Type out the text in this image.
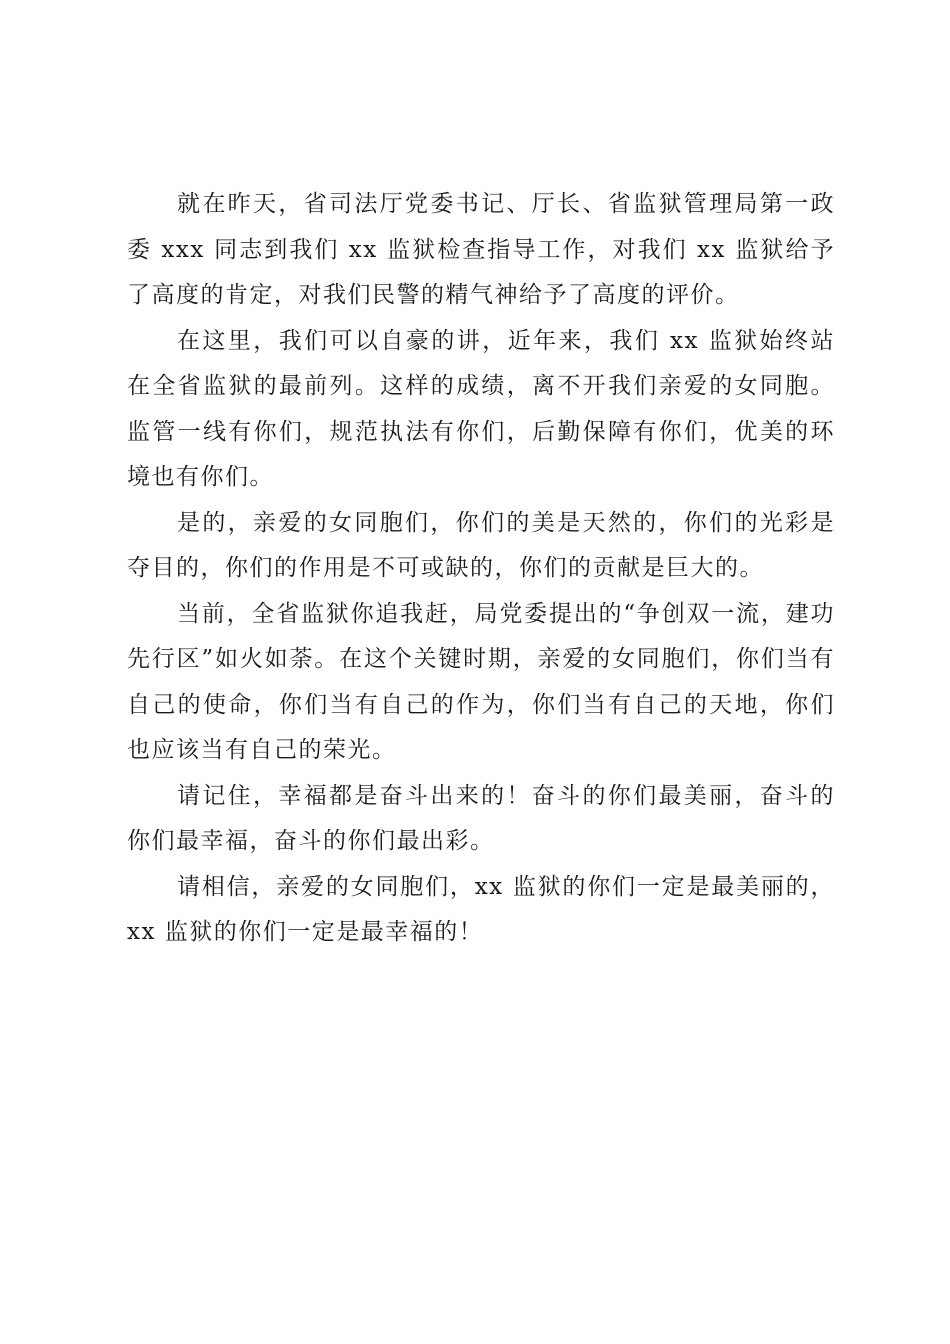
就在昨天，省司法厅党委书记、厅长、省监狱管理局第一政委 xxx 同志到我们 xx 监狱检查指导工作，对我们 xx 监狱给予了高度的肯定，对我们民警的精气神给予了高度的评价。

在这里，我们可以自豪的讲，近年来，我们 xx 监狱始终站在全省监狱的最前列。这样的成绩，离不开我们亲爱的女同胞。监管一线有你们，规范执法有你们，后勤保障有你们，优美的环境也有你们。

是的，亲爱的女同胞们，你们的美是天然的，你们的光彩是夺目的，你们的作用是不可或缺的，你们的贡献是巨大的。

当前，全省监狱你追我赶，局党委提出的“争创双一流，建功先行区”如火如荼。在这个关键时期，亲爱的女同胞们，你们当有自己的使命，你们当有自己的作为，你们当有自己的天地，你们也应该当有自己的荣光。

请记住，幸福都是奋斗出来的！奋斗的你们最美丽，奋斗的你们最幸福，奋斗的你们最出彩。

请相信，亲爱的女同胞们，xx 监狱的你们一定是最美丽的，xx 监狱的你们一定是最幸福的！
